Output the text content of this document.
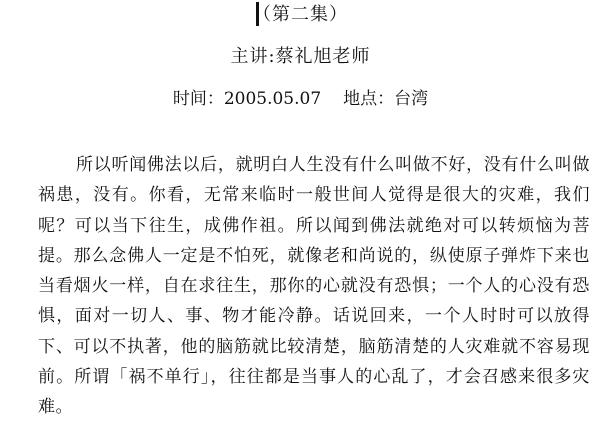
（第二集）
主讲:蔡礼旭老师
时间：2005.05.07 地点：台湾

所以听闻佛法以后，就明白人生没有什么叫做不好，没有什么叫做祸患，没有。你看，无常来临时一般世间人觉得是很大的灾难，我们呢？可以当下往生，成佛作祖。所以闻到佛法就绝对可以转烦恼为菩提。那么念佛人一定是不怕死，就像老和尚说的，纵使原子弹炸下来也当看烟火一样，自在求往生，那你的心就没有恐惧；一个人的心没有恐惧，面对一切人、事、物才能冷静。话说回来，一个人时时可以放得下、可以不执著，他的脑筋就比较清楚，脑筋清楚的人灾难就不容易现前。所谓「祸不单行」，往往都是当事人的心乱了，才会召感来很多灾难。
